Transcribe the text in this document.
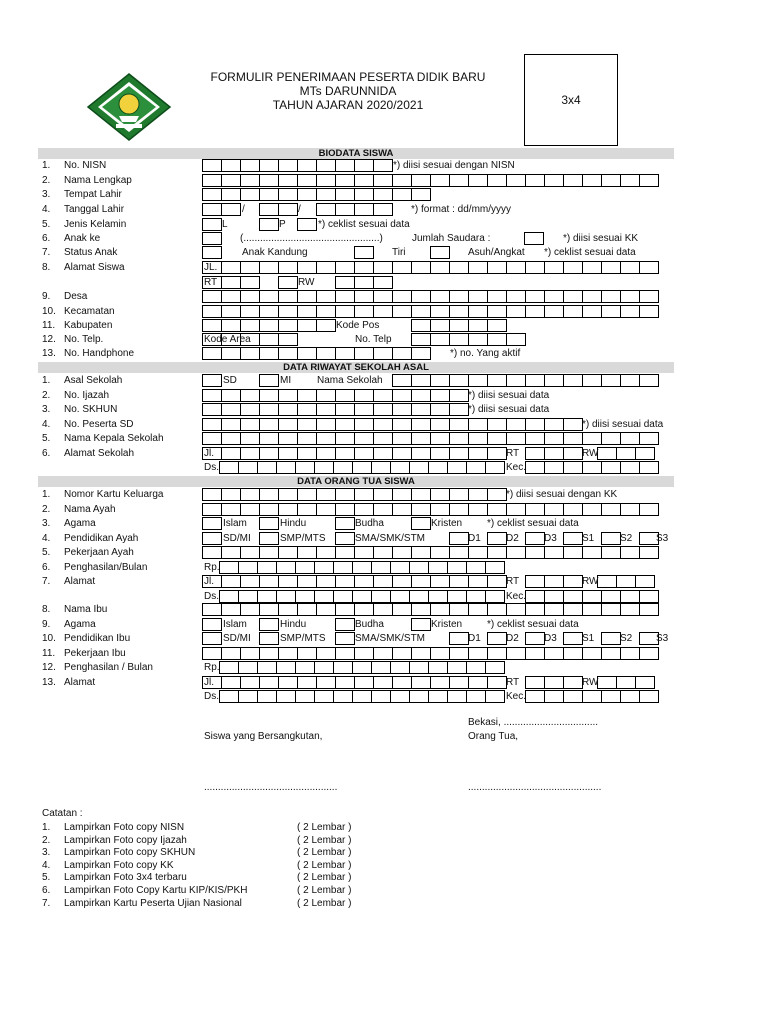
FORMULIR PENERIMAAN PESERTA DIDIK BARU
MTs DARUNNIDA
TAHUN AJARAN 2020/2021	3x4
BIODATA SISWA
DATA RIWAYAT SEKOLAH ASAL
DATA ORANG TUA SISWA
1. No. NISN	*) diisi sesuai dengan NISN
2. Nama Lengkap
3. Tempat Lahir
4. Tanggal Lahir	/	/	*) format : dd/mm/yyyy
5. Jenis Kelamin	L	P	*) ceklist sesuai data
6. Anak ke	(.................................................)	Jumlah Saudara :	*) diisi sesuai KK
7. Status Anak	Anak Kandung	Tiri	Asuh/Angkat *) ceklist sesuai data
8. Alamat Siswa	JL.
RT	RW
9. Desa
10. Kecamatan
11. Kabupaten	Kode Pos
12. No. Telp.	Kode Area	No. Telp
13. No. Handphone	*) no. Yang aktif
1. Asal Sekolah	SD	MI	Nama Sekolah
2. No. Ijazah	*) diisi sesuai data
3. No. SKHUN	*) diisi sesuai data
4. No. Peserta SD	*) diisi sesuai data
5. Nama Kepala Sekolah
6. Alamat Sekolah	Jl.	RT	RW
Ds.	Kec.
1. Nomor Kartu Keluarga	*) diisi sesuai dengan KK
2. Nama Ayah
3. Agama	Islam	Hindu	Budha	Kristen *) ceklist sesuai data
4. Pendidikan Ayah	SD/MI	SMP/MTS	SMA/SMK/STM	D1	D2	D3	S1	S2 S3
5. Pekerjaan Ayah
6. Penghasilan/Bulan	Rp.
7. Alamat	Jl.	RT	RW
Ds.	Kec.
8. Nama Ibu
9. Agama	Islam	Hindu	Budha	Kristen *) ceklist sesuai data
10. Pendidikan Ibu	SD/MI	SMP/MTS	SMA/SMK/STM	D1	D2	D3	S1	S2 S3
11. Pekerjaan Ibu
12. Penghasilan / Bulan	Rp.
13. Alamat	Jl.	RT	RW
Ds.	Kec.
Bekasi, ..................................
Siswa yang Bersangkutan,	Orang Tua,
................................................	................................................
Catatan :
1. Lampirkan Foto copy NISN	( 2 Lembar )
2. Lampirkan Foto copy Ijazah	( 2 Lembar )
3. Lampirkan Foto copy SKHUN	( 2 Lembar )
4. Lampirkan Foto copy KK	( 2 Lembar )
5. Lampirkan Foto 3x4 terbaru	( 2 Lembar )
6. Lampirkan Foto Copy Kartu KIP/KIS/PKH	( 2 Lembar )
7. Lampirkan Kartu Peserta Ujian Nasional	( 2 Lembar )
